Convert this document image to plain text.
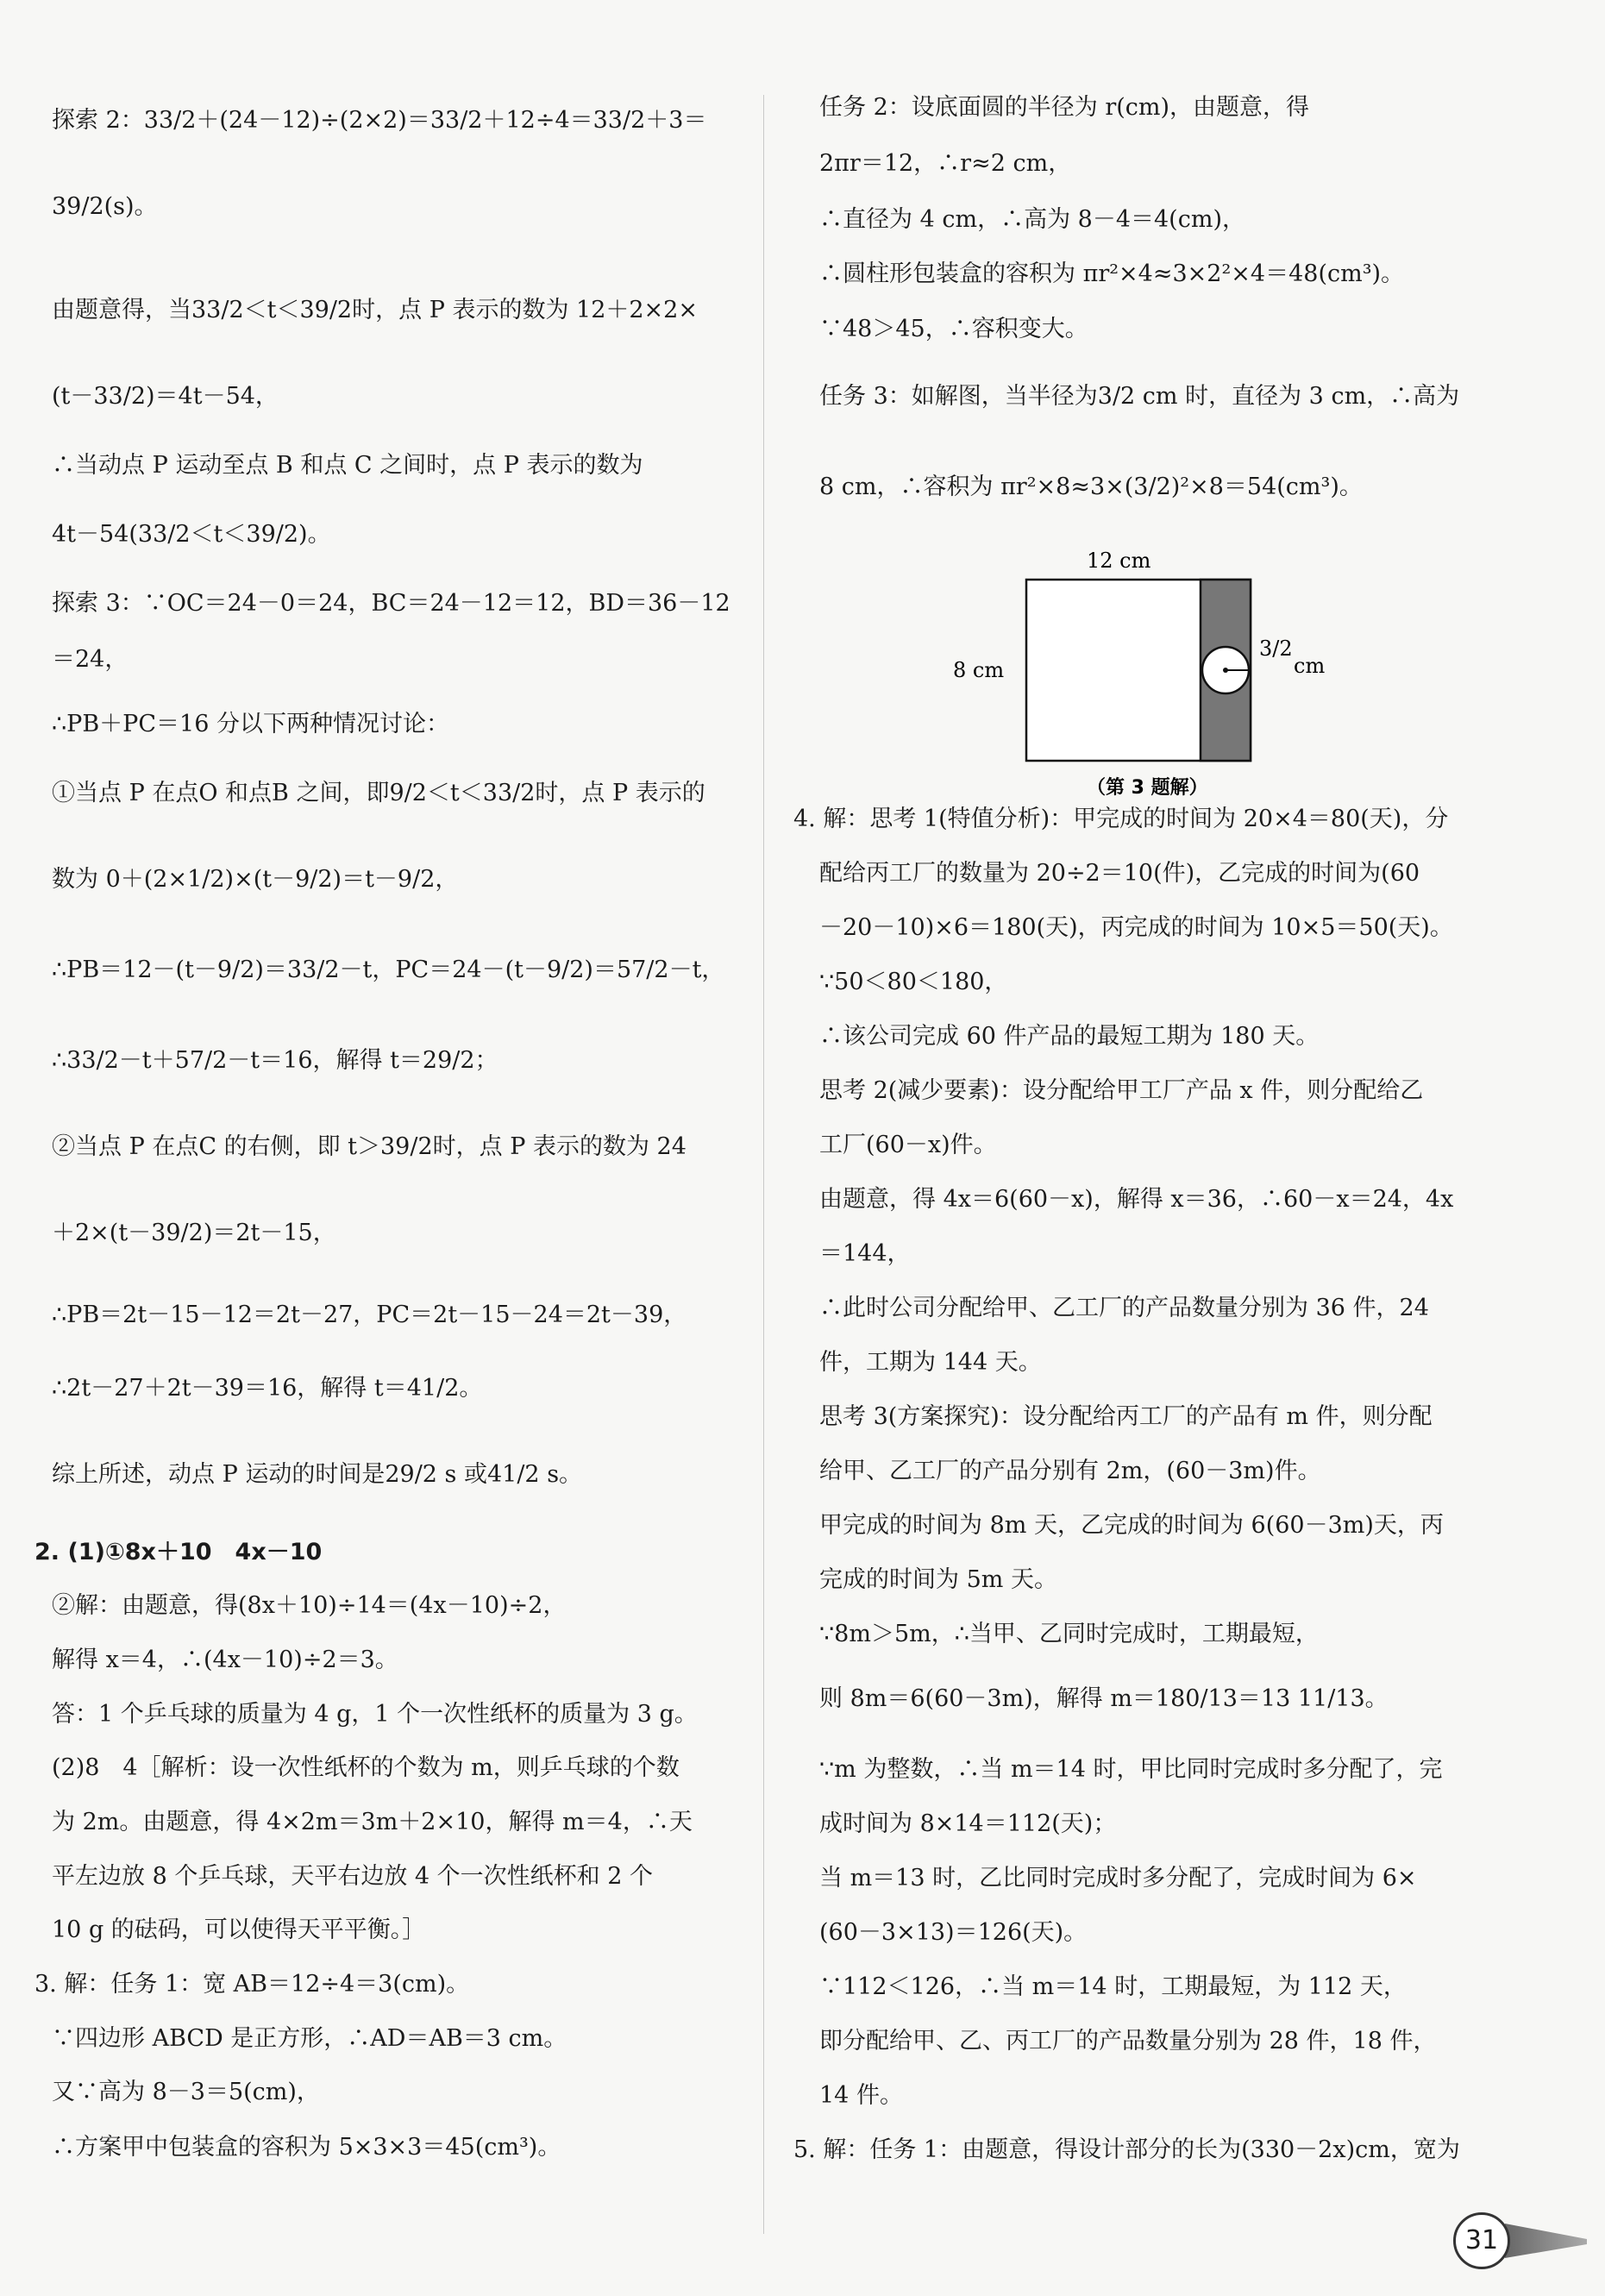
探索 2：33/2＋(24－12)÷(2×2)＝33/2＋12÷4＝33/2＋3＝
39/2(s)。
由题意得，当33/2＜t＜39/2时，点 P 表示的数为 12＋2×2×
(t－33/2)＝4t－54，
∴当动点 P 运动至点 B 和点 C 之间时，点 P 表示的数为
4t－54(33/2＜t＜39/2)。
探索 3：∵OC＝24－0＝24，BC＝24－12＝12，BD＝36－12
＝24，
∴PB＋PC＝16 分以下两种情况讨论：
①当点 P 在点O 和点B 之间，即9/2＜t＜33/2时，点 P 表示的
数为 0＋(2×1/2)×(t－9/2)＝t－9/2，
∴PB＝12－(t－9/2)＝33/2－t，PC＝24－(t－9/2)＝57/2－t，
∴33/2－t＋57/2－t＝16，解得 t＝29/2；
②当点 P 在点C 的右侧，即 t＞39/2时，点 P 表示的数为 24
＋2×(t－39/2)＝2t－15，
∴PB＝2t－15－12＝2t－27，PC＝2t－15－24＝2t－39，
∴2t－27＋2t－39＝16，解得 t＝41/2。
综上所述，动点 P 运动的时间是29/2 s 或41/2 s。
2. (1)①8x＋10　4x－10
②解：由题意，得(8x＋10)÷14＝(4x－10)÷2，
解得 x＝4，∴(4x－10)÷2＝3。
答：1 个乒乓球的质量为 4 g，1 个一次性纸杯的质量为 3 g。
(2)8　4［解析：设一次性纸杯的个数为 m，则乒乓球的个数
为 2m。由题意，得 4×2m＝3m＋2×10，解得 m＝4，∴天
平左边放 8 个乒乓球，天平右边放 4 个一次性纸杯和 2 个
10 g 的砝码，可以使得天平平衡。］
3. 解：任务 1：宽 AB＝12÷4＝3(cm)。
∵四边形 ABCD 是正方形，∴AD＝AB＝3 cm。
又∵高为 8－3＝5(cm)，
∴方案甲中包装盒的容积为 5×3×3＝45(cm³)。
任务 2：设底面圆的半径为 r(cm)，由题意，得
2πr＝12，∴r≈2 cm，
∴直径为 4 cm，∴高为 8－4＝4(cm)，
∴圆柱形包装盒的容积为 πr²×4≈3×2²×4＝48(cm³)。
∵48＞45，∴容积变大。
任务 3：如解图，当半径为3/2 cm 时，直径为 3 cm，∴高为
8 cm，∴容积为 πr²×8≈3×(3/2)²×8＝54(cm³)。
12 cm
8 cm
3/2
cm
（第 3 题解）
4. 解：思考 1(特值分析)：甲完成的时间为 20×4＝80(天)，分
配给丙工厂的数量为 20÷2＝10(件)，乙完成的时间为(60
－20－10)×6＝180(天)，丙完成的时间为 10×5＝50(天)。
∵50＜80＜180，
∴该公司完成 60 件产品的最短工期为 180 天。
思考 2(减少要素)：设分配给甲工厂产品 x 件，则分配给乙
工厂(60－x)件。
由题意，得 4x＝6(60－x)，解得 x＝36，∴60－x＝24，4x
＝144，
∴此时公司分配给甲、乙工厂的产品数量分别为 36 件，24
件，工期为 144 天。
思考 3(方案探究)：设分配给丙工厂的产品有 m 件，则分配
给甲、乙工厂的产品分别有 2m，(60－3m)件。
甲完成的时间为 8m 天，乙完成的时间为 6(60－3m)天，丙
完成的时间为 5m 天。
∵8m＞5m，∴当甲、乙同时完成时，工期最短，
则 8m＝6(60－3m)，解得 m＝180/13＝13 11/13。
∵m 为整数，∴当 m＝14 时，甲比同时完成时多分配了，完
成时间为 8×14＝112(天)；
当 m＝13 时，乙比同时完成时多分配了，完成时间为 6×
(60－3×13)＝126(天)。
∵112＜126，∴当 m＝14 时，工期最短，为 112 天，
即分配给甲、乙、丙工厂的产品数量分别为 28 件，18 件，
14 件。
5. 解：任务 1：由题意，得设计部分的长为(330－2x)cm，宽为
31
